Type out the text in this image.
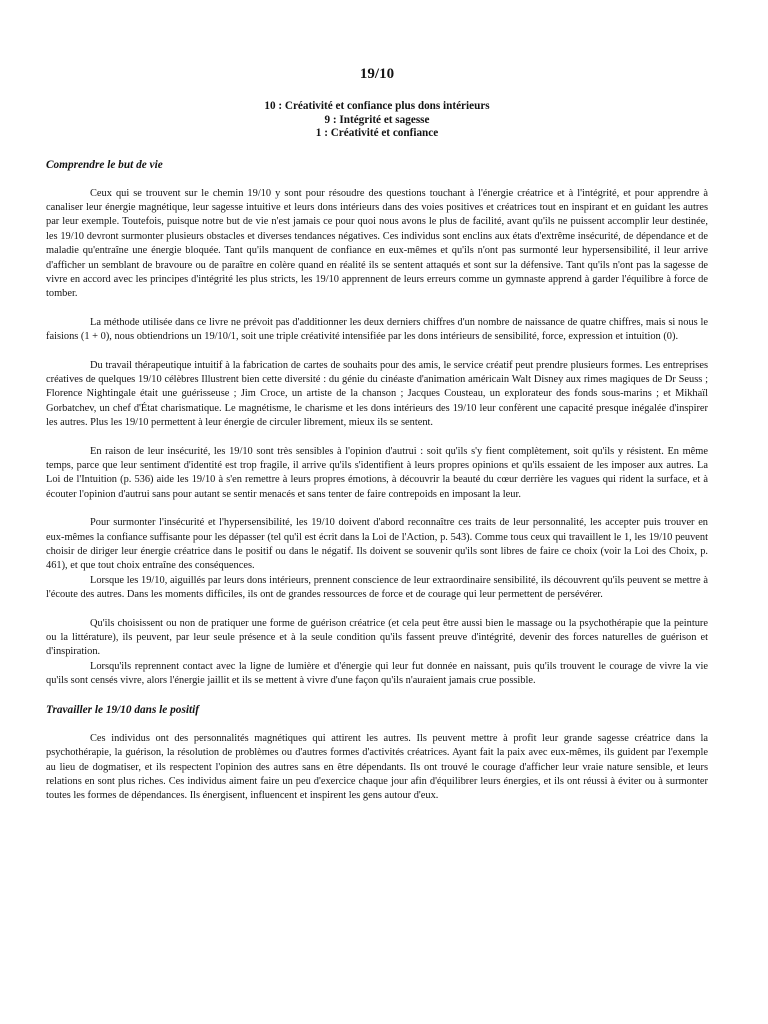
19/10
10 : Créativité et confiance plus dons intérieurs
9 : Intégrité et sagesse
1 : Créativité et confiance
Comprendre le but de vie

Ceux qui se trouvent sur le chemin 19/10 y sont pour résoudre des questions touchant à l'énergie créatrice et à l'intégrité, et pour apprendre à canaliser leur énergie magnétique, leur sagesse intuitive et leurs dons intérieurs dans des voies positives et créatrices tout en inspirant et en guidant les autres par leur exemple. Toutefois, puisque notre but de vie n'est jamais ce pour quoi nous avons le plus de facilité, avant qu'ils ne puissent accomplir leur destinée, les 19/10 devront surmonter plusieurs obstacles et diverses tendances négatives. Ces individus sont enclins aux états d'extrême insécurité, de dépendance et de maladie qu'entraîne une énergie bloquée. Tant qu'ils manquent de confiance en eux-mêmes et qu'ils n'ont pas surmonté leur hypersensibilité, il leur arrive d'afficher un semblant de bravoure ou de paraître en colère quand en réalité ils se sentent attaqués et sont sur la défensive. Tant qu'ils n'ont pas la sagesse de vivre en accord avec les principes d'intégrité les plus stricts, les 19/10 apprennent de leurs erreurs comme un gymnaste apprend à garder l'équilibre à force de tomber.

La méthode utilisée dans ce livre ne prévoit pas d'additionner les deux derniers chiffres d'un nombre de naissance de quatre chiffres, mais si nous le faisions (1 + 0), nous obtiendrions un 19/10/1, soit une triple créativité intensifiée par les dons intérieurs de sensibilité, force, expression et intuition (0).

Du travail thérapeutique intuitif à la fabrication de cartes de souhaits pour des amis, le service créatif peut prendre plusieurs formes. Les entreprises créatives de quelques 19/10 célèbres Illustrent bien cette diversité : du génie du cinéaste d'animation américain Walt Disney aux rimes magiques de Dr Seuss ; Florence Nightingale était une guérisseuse ; Jim Croce, un artiste de la chanson ; Jacques Cousteau, un explorateur des fonds sous-marins ; et Mikhaïl Gorbatchev, un chef d'État charismatique. Le magnétisme, le charisme et les dons intérieurs des 19/10 leur confèrent une capacité presque inégalée d'inspirer les autres. Plus les 19/10 permettent à leur énergie de circuler librement, mieux ils se sentent.

En raison de leur insécurité, les 19/10 sont très sensibles à l'opinion d'autrui : soit qu'ils s'y fient complètement, soit qu'ils y résistent. En même temps, parce que leur sentiment d'identité est trop fragile, il arrive qu'ils s'identifient à leurs propres opinions et qu'ils essaient de les imposer aux autres. La Loi de l'Intuition (p. 536) aide les 19/10 à s'en remettre à leurs propres émotions, à découvrir la beauté du cœur derrière les vagues qui rident la surface, et à écouter l'opinion d'autrui sans pour autant se sentir menacés et sans tenter de faire contrepoids en imposant la leur.

Pour surmonter l'insécurité et l'hypersensibilité, les 19/10 doivent d'abord reconnaître ces traits de leur personnalité, les accepter puis trouver en eux-mêmes la confiance suffisante pour les dépasser (tel qu'il est écrit dans la Loi de l'Action, p. 543). Comme tous ceux qui travaillent le 1, les 19/10 peuvent choisir de diriger leur énergie créatrice dans le positif ou dans le négatif. Ils doivent se souvenir qu'ils sont libres de faire ce choix (voir la Loi des Choix, p. 461), et que tout choix entraîne des conséquences.

Lorsque les 19/10, aiguillés par leurs dons intérieurs, prennent conscience de leur extraordinaire sensibilité, ils découvrent qu'ils peuvent se mettre à l'écoute des autres. Dans les moments difficiles, ils ont de grandes ressources de force et de courage qui leur permettent de persévérer.

Qu'ils choisissent ou non de pratiquer une forme de guérison créatrice (et cela peut être aussi bien le massage ou la psychothérapie que la peinture ou la littérature), ils peuvent, par leur seule présence et à la seule condition qu'ils fassent preuve d'intégrité, devenir des forces naturelles de guérison et d'inspiration.

Lorsqu'ils reprennent contact avec la ligne de lumière et d'énergie qui leur fut donnée en naissant, puis qu'ils trouvent le courage de vivre la vie qu'ils sont censés vivre, alors l'énergie jaillit et ils se mettent à vivre d'une façon qu'ils n'auraient jamais crue possible.

Travailler le 19/10 dans le positif

Ces individus ont des personnalités magnétiques qui attirent les autres. Ils peuvent mettre à profit leur grande sagesse créatrice dans la psychothérapie, la guérison, la résolution de problèmes ou d'autres formes d'activités créatrices. Ayant fait la paix avec eux-mêmes, ils guident par l'exemple au lieu de dogmatiser, et ils respectent l'opinion des autres sans en être dépendants. Ils ont trouvé le courage d'afficher leur vraie nature sensible, et leurs relations en sont plus riches. Ces individus aiment faire un peu d'exercice chaque jour afin d'équilibrer leurs énergies, et ils ont réussi à éviter ou à surmonter toutes les formes de dépendances. Ils énergisent, influencent et inspirent les gens autour d'eux.
